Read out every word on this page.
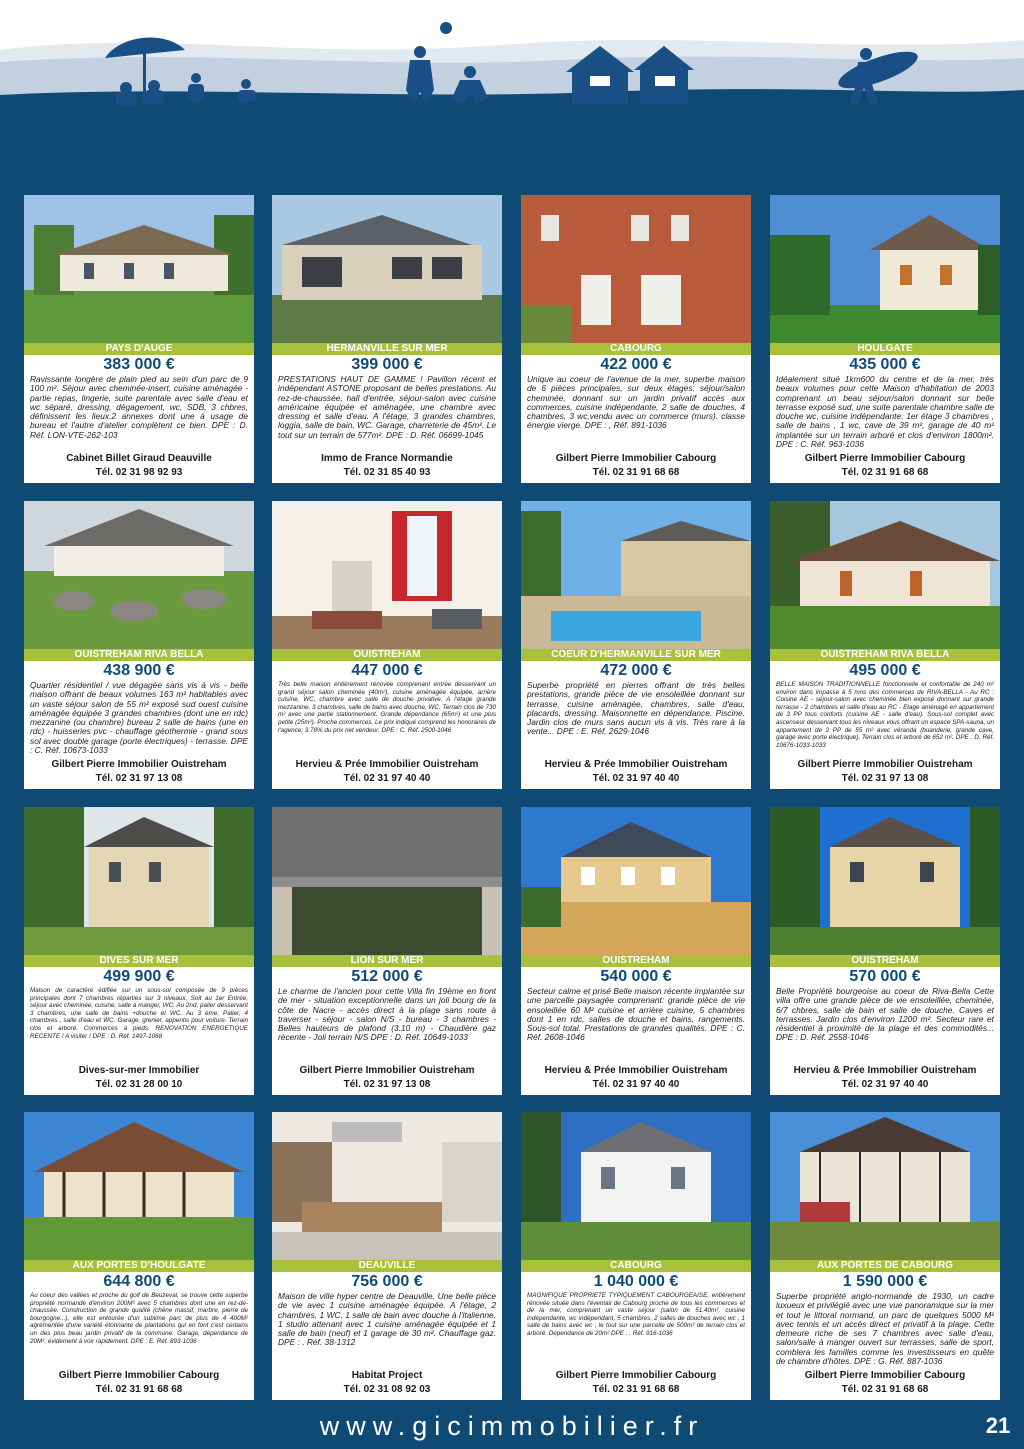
PAYS D'AUGE
383 000 €
Ravissante longère de plain pied au sein d'un parc de 9 100 m². Séjour avec cheminée-insert, cuisine aménagée - partie repas, lingerie, suite parentale avec salle d'eau et wc séparé, dressing, dégagement, wc, SDB, 3 chbres, définissent les lieux.2 annexes dont une à usage de bureau et l'autre d'atelier complètent ce bien. DPE : D. Réf. LON-VTE-262-103
Cabinet Billet Giraud Deauville
Tél. 02 31 98 92 93
HERMANVILLE SUR MER
399 000 €
PRESTATIONS HAUT DE GAMME ! Pavillon récent et indépendant ASTONE proposant de belles prestations. Au rez-de-chaussée, hall d'entrée, séjour-salon avec cuisine américaine équipée et aménagée, une chambre avec dressing et salle d'eau. A l'étage, 3 grandes chambres, loggia, salle de bain, WC. Garage, charreterie de 45m². Le tout sur un terrain de 577m². DPE : D. Réf. 06699-1045
Immo de France Normandie
Tél. 02 31 85 40 93
CABOURG
422 000 €
Unique au coeur de l'avenue de la mer, superbe maison de 6 pièces principales, sur deux étages: séjour/salon cheminée, donnant sur un jardin privatif accès aux commerces, cuisine indépendante, 2 salle de douches, 4 chambres, 3 wc,vendu avec un commerce (murs). classe énergie vierge. DPE : , Réf. 891-1036
Gilbert Pierre Immobilier Cabourg
Tél. 02 31 91 68 68
HOULGATE
435 000 €
Idéalement situé 1km600 du centre et de la mer, très beaux volumes pour cette Maison d'habitation de 2003 comprenant un beau séjour/salon donnant sur belle terrasse exposé sud, une suite parentale chambre salle de douche wc, cuisine indépendante. 1er étage 3 chambres , salle de bains , 1 wc, cave de 39 m², garage de 40 m² implantée sur un terrain arboré et clos d'environ 1800m². DPE : C. Réf. 963-1036
Gilbert Pierre Immobilier Cabourg
Tél. 02 31 91 68 68
OUISTREHAM RIVA BELLA
438 900 €
Quartier résidentiel / vue dégagée sans vis à vis - belle maison offrant de beaux volumes 163 m² habitables avec un vaste séjour salon de 55 m² exposé sud ouest cuisine aménagée équipée 3 grandes chambres (dont une en rdc) mezzanine (ou chambre) bureau 2 salle de bains (une en rdc) - huisseries pvc - chauffage géothermie - grand sous sol avec double garage (porte électriques) - terrasse. DPE : C. Réf. 10673-1033
Gilbert Pierre Immobilier Ouistreham
Tél. 02 31 97 13 08
OUISTREHAM
447 000 €
Très belle maison entièrement rénovée comprenant entrée desservant un grand séjour salon cheminée (40m²), cuisine aménagée équipée, arrière cuisine, WC, chambre avec salle de douche privative. A l'étage grande mezzanine, 3 chambres, salle de bains avec douche, WC. Terrain clos de 730 m² avec une partie stationnement. Grande dépendance (65m²) et une plus petite (25m²). Proche commerces. Le prix indiqué comprend les honoraires de l'agence; 3.78% du prix net vendeur. DPE : C. Réf. 2500-1046
Hervieu & Prée Immobilier Ouistreham
Tél. 02 31 97 40 40
COEUR D'HERMANVILLE SUR MER
472 000 €
Superbe propriété en pierres offrant de très belles prestations, grande pièce de vie ensoleillée donnant sur terrasse, cuisine aménagée, chambres, salle d'eau, placards, dressing. Maisonnette en dépendance. Piscine. Jardin clos de murs sans aucun vis à vis. Très rare à la vente... DPE : E. Réf. 2629-1046
Hervieu & Prée Immobilier Ouistreham
Tél. 02 31 97 40 40
OUISTREHAM RIVA BELLA
495 000 €
BELLE MAISON TRADITIONNELLE fonctionnelle et confortable de 240 m² environ dans impasse à 5 mns des commerces de RIVA-BELLA - Au RC : Cuisine AE - séjour-salon avec cheminée bien exposé donnant sur grande terrasse - 2 chambres et salle d'eau au RC - Etage aménagé en appartement de 3 PP tous conforts (cuisine AE - salle d'eau). Sous-sol complet avec ascenseur desservant tous les niveaux vous offrant un espace SPA-sauna, un appartement de 2 PP de 55 m² avec véranda (buanderie, grande cave, garage avec porte électrique). Terrain clos et arboré de 652 m². DPE : D. Réf. 10676-1033-1033
Gilbert Pierre Immobilier Ouistreham
Tél. 02 31 97 13 08
DIVES SUR MER
499 900 €
Maison de caractère édifiée sur un sous-sol composée de 9 pièces principales dont 7 chambres réparties sur 3 niveaux. Soit au 1er Entrée, séjour avec cheminée, cuisine, salle à manger, WC. Au 2nd, palier desservant 3 chambres, une salle de bains +douche et WC. Au 3 ème, Palier, 4 chambres , salle d'eau et WC. Garage, grenier, appentis pour voiture. Terrain clos et arboré. Commerces à pieds. RENOVATION ENERGETIQUE RECENTE ! A visiter ! DPE : D. Réf. 1497-1068
Dives-sur-mer Immobilier
Tél. 02 31 28 00 10
LION SUR MER
512 000 €
Le charme de l'ancien pour cette Villa fin 19ème en front de mer - situation exceptionnelle dans un joli bourg de la côte de Nacre - accès direct à la plage sans route à traverser - séjour - salon N/S - bureau - 3 chambres - Belles hauteurs de plafond (3.10 m) - Chaudière gaz récente - Joli terrain N/S DPE : D. Réf. 10649-1033
Gilbert Pierre Immobilier Ouistreham
Tél. 02 31 97 13 08
OUISTREHAM
540 000 €
Secteur calme et prisé Belle maison récente implantée sur une parcelle paysagée comprenant: grande pièce de vie ensoleillée 60 M² cuisine et arrière cuisine, 5 chambres dont 1 en rdc, salles de douche et bains, rangements. Sous-sol total. Prestations de grandes qualités. DPE : C. Réf. 2608-1046
Hervieu & Prée Immobilier Ouistreham
Tél. 02 31 97 40 40
OUISTREHAM
570 000 €
Belle Propriété bourgeoise au coeur de Riva-Bella Cette villa offre une grande pièce de vie ensoleillée, cheminée, 6/7 chbres, salle de bain et salle de douche. Caves et terrasses. Jardin clos d'environ 1200 m². Secteur rare et résidentiel à proximité de la plage et des commodités... DPE : D. Réf. 2558-1046
Hervieu & Prée Immobilier Ouistreham
Tél. 02 31 97 40 40
AUX PORTES D'HOULGATE
644 800 €
Au coeur des vallées et proche du golf de Beuzeval, se trouve cette superbe propriété normande d'environ 200M² avec 5 chambres dont une en rez-de-chaussée. Construction de grande qualité (chêne massif, marbre, pierre de bourgogne...), elle est entourée d'un sublime parc de plus de 4 400M² agrémentée d'une variété étonnante de plantations qui en font c'est certains un des plus beau jardin privatif de la commune. Garage, dépendance de 20M², évidement à voir rapidement. DPE : E. Réf. 893-1036
Gilbert Pierre Immobilier Cabourg
Tél. 02 31 91 68 68
DEAUVILLE
756 000 €
Maison de ville hyper centre de Deauville. Une belle pièce de vie avec 1 cuisine aménagée équipée. A l'étage, 2 chambres, 1 WC, 1 salle de bain avec douche à l'italienne. 1 studio attenant avec 1 cuisine aménagée équipée et 1 salle de bain (neuf) et 1 garage de 30 m². Chauffage gaz. DPE : . Réf. 38-1312
Habitat Project
Tél. 02 31 08 92 03
CABOURG
1 040 000 €
MAGNIFIQUE PROPRIETE TYPIQUEMENT CABOURGEAISE, entièrement rénovée située dans l'éventail de Cabourg proche de tous les commerces et de la mer, comprenant un vaste séjour (salon de 51.40m², cuisine indépendante, wc indépendant, 5 chambres, 2 salles de douches avec wc , 1 salle de bains avec wc , le tout sur une parcelle de 500m² de terrain clos et arboré. Dépendance de 20m² DPE : . Réf. 916-1036
Gilbert Pierre Immobilier Cabourg
Tél. 02 31 91 68 68
AUX PORTES DE CABOURG
1 590 000 €
Superbe propriété anglo-normande de 1930, un cadre luxueux et privilégié avec une vue panoramique sur la mer et tout le littoral normand, un parc de quelques 5000 M² avec tennis et un accès direct et privatif à la plage. Cette demeure riche de ses 7 chambres avec salle d'eau, salon/salle à manger ouvert sur terrasses, salle de sport, comblera les familles comme les investisseurs en quête de chambre d'hôtes. DPE : G. Réf. 887-1036
Gilbert Pierre Immobilier Cabourg
Tél. 02 31 91 68 68
www.gicimmobilier.fr	21
